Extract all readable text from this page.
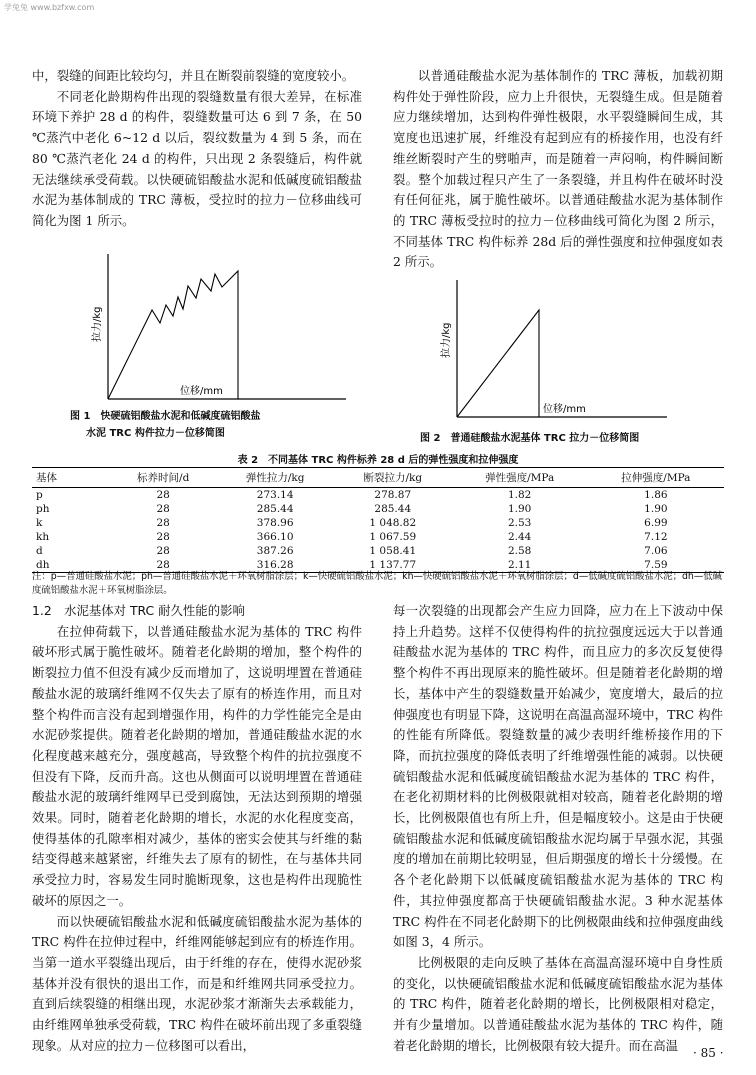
学兔兔 www.bzfxw.com

中，裂缝的间距比较均匀，并且在断裂前裂缝的宽度较小。

不同老化龄期构件出现的裂缝数量有很大差异，在标准环境下养护 28 d 的构件，裂缝数量可达 6 到 7 条，在 50 ℃蒸汽中老化 6~12 d 以后，裂纹数量为 4 到 5 条，而在 80 ℃蒸汽老化 24 d 的构件，只出现 2 条裂缝后，构件就无法继续承受荷载。以快硬硫铝酸盐水泥和低碱度硫铝酸盐水泥为基体制成的 TRC 薄板，受拉时的拉力－位移曲线可简化为图 1 所示。

以普通硅酸盐水泥为基体制作的 TRC 薄板，加载初期构件处于弹性阶段，应力上升很快，无裂缝生成。但是随着应力继续增加，达到构件弹性极限，水平裂缝瞬间生成，其宽度也迅速扩展，纤维没有起到应有的桥接作用，也没有纤维丝断裂时产生的劈啪声，而是随着一声闷响，构件瞬间断裂。整个加载过程只产生了一条裂缝，并且构件在破坏时没有任何征兆，属于脆性破坏。以普通硅酸盐水泥为基体制作的 TRC 薄板受拉时的拉力－位移曲线可简化为图 2 所示，不同基体 TRC 构件标养 28d 后的弹性强度和拉伸强度如表 2 所示。

拉力/kg
位移/mm
图 1　快硬硫铝酸盐水泥和低碱度硫铝酸盐
水泥 TRC 构件拉力－位移简图
拉力/kg
位移/mm
图 2　普通硅酸盐水泥基体 TRC 拉力－位移简图
表 2　不同基体 TRC 构件标养 28 d 后的弹性强度和拉伸强度
基体	标养时间/d	弹性拉力/kg	断裂拉力/kg	弹性强度/MPa	拉伸强度/MPa
p	28	273.14	278.87	1.82	1.86
ph	28	285.44	285.44	1.90	1.90
k	28	378.96	1 048.82	2.53	6.99
kh	28	366.10	1 067.59	2.44	7.12
d	28	387.26	1 058.41	2.58	7.06
dh	28	316.28	1 137.77	2.11	7.59
注：p—普通硅酸盐水泥；ph—普通硅酸盐水泥＋环氧树脂涂层；k—快硬硫铝酸盐水泥；kh—快硬硫铝酸盐水泥＋环氧树脂涂层；d—低碱度硫铝酸盐水泥；dh—低碱度硫铝酸盐水泥＋环氧树脂涂层。

1.2　水泥基体对 TRC 耐久性能的影响

在拉伸荷载下，以普通硅酸盐水泥为基体的 TRC 构件破坏形式属于脆性破坏。随着老化龄期的增加，整个构件的断裂拉力值不但没有减少反而增加了，这说明埋置在普通硅酸盐水泥的玻璃纤维网不仅失去了原有的桥连作用，而且对整个构件而言没有起到增强作用，构件的力学性能完全是由水泥砂浆提供。随着老化龄期的增加，普通硅酸盐水泥的水化程度越来越充分，强度越高，导致整个构件的抗拉强度不但没有下降，反而升高。这也从侧面可以说明埋置在普通硅酸盐水泥的玻璃纤维网早已受到腐蚀，无法达到预期的增强效果。同时，随着老化龄期的增长，水泥的水化程度变高，使得基体的孔隙率相对减少，基体的密实会使其与纤维的黏结变得越来越紧密，纤维失去了原有的韧性，在与基体共同承受拉力时，容易发生同时脆断现象，这也是构件出现脆性破坏的原因之一。

而以快硬硫铝酸盐水泥和低碱度硫铝酸盐水泥为基体的 TRC 构件在拉伸过程中，纤维网能够起到应有的桥连作用。当第一道水平裂缝出现后，由于纤维的存在，使得水泥砂浆基体并没有很快的退出工作，而是和纤维网共同承受拉力。直到后续裂缝的相继出现，水泥砂浆才渐渐失去承载能力，由纤维网单独承受荷载，TRC 构件在破坏前出现了多重裂缝现象。从对应的拉力－位移图可以看出，

每一次裂缝的出现都会产生应力回降，应力在上下波动中保持上升趋势。这样不仅使得构件的抗拉强度远远大于以普通硅酸盐水泥为基体的 TRC 构件，而且应力的多次反复使得整个构件不再出现原来的脆性破坏。但是随着老化龄期的增长，基体中产生的裂缝数量开始减少，宽度增大，最后的拉伸强度也有明显下降，这说明在高温高湿环境中，TRC 构件的性能有所降低。裂缝数量的减少表明纤维桥接作用的下降，而抗拉强度的降低表明了纤维增强性能的减弱。以快硬硫铝酸盐水泥和低碱度硫铝酸盐水泥为基体的 TRC 构件，在老化初期材料的比例极限就相对较高，随着老化龄期的增长，比例极限值也有所上升，但是幅度较小。这是由于快硬硫铝酸盐水泥和低碱度硫铝酸盐水泥均属于早强水泥，其强度的增加在前期比较明显，但后期强度的增长十分缓慢。在各个老化龄期下以低碱度硫铝酸盐水泥为基体的 TRC 构件，其拉伸强度都高于快硬硫铝酸盐水泥。3 种水泥基体 TRC 构件在不同老化龄期下的比例极限曲线和拉伸强度曲线如图 3，4 所示。

比例极限的走向反映了基体在高温高湿环境中自身性质的变化，以快硬硫铝酸盐水泥和低碱度硫铝酸盐水泥为基体的 TRC 构件，随着老化龄期的增长，比例极限相对稳定，并有少量增加。以普通硅酸盐水泥为基体的 TRC 构件，随着老化龄期的增长，比例极限有较大提升。而在高温

· 85 ·
